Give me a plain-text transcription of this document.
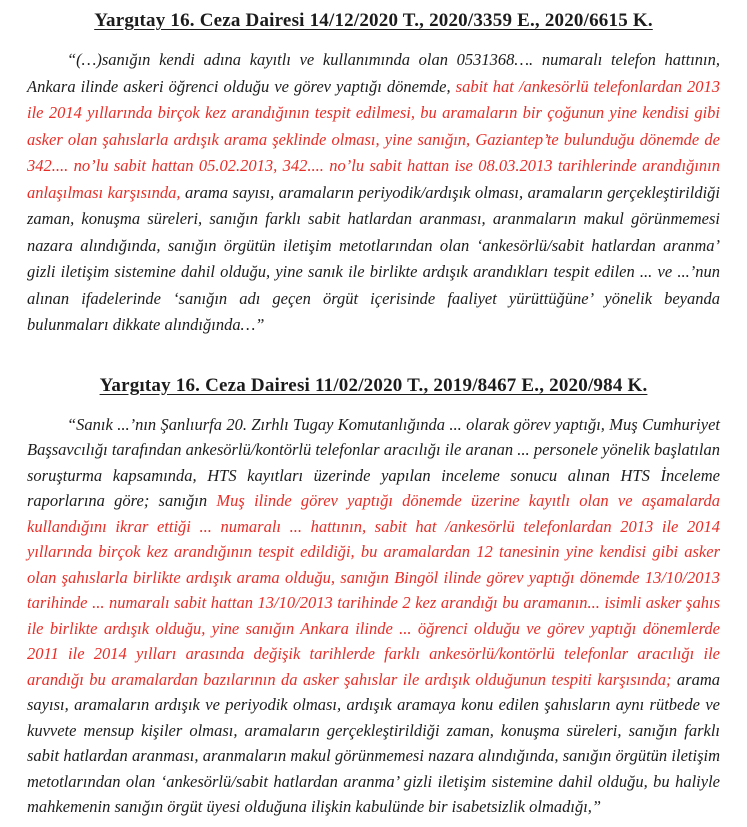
Yargıtay 16. Ceza Dairesi 14/12/2020 T., 2020/3359 E., 2020/6615 K.

“(…)sanığın kendi adına kayıtlı ve kullanımında olan 0531368…. numaralı telefon hattının, Ankara ilinde askeri öğrenci olduğu ve görev yaptığı dönemde, sabit hat /ankesörlü telefonlardan 2013 ile 2014 yıllarında birçok kez arandığının tespit edilmesi, bu aramaların bir çoğunun yine kendisi gibi asker olan şahıslarla ardışık arama şeklinde olması, yine sanığın, Gaziantep’te bulunduğu dönemde de 342.... no’lu sabit hattan 05.02.2013, 342.... no’lu sabit hattan ise 08.03.2013 tarihlerinde arandığının anlaşılması karşısında, arama sayısı, aramaların periyodik/ardışık olması, aramaların gerçekleştirildiği zaman, konuşma süreleri, sanığın farklı sabit hatlardan aranması, aranmaların makul görünmemesi nazara alındığında, sanığın örgütün iletişim metotlarından olan ‘ankesörlü/sabit hatlardan aranma’ gizli iletişim sistemine dahil olduğu, yine sanık ile birlikte ardışık arandıkları tespit edilen ... ve ...’nun alınan ifadelerinde ‘sanığın adı geçen örgüt içerisinde faaliyet yürüttüğüne’ yönelik beyanda bulunmaları dikkate alındığında…”

Yargıtay 16. Ceza Dairesi 11/02/2020 T., 2019/8467 E., 2020/984 K.

“Sanık ...’nın Şanlıurfa 20. Zırhlı Tugay Komutanlığında ... olarak görev yaptığı, Muş Cumhuriyet Başsavcılığı tarafından ankesörlü/kontörlü telefonlar aracılığı ile aranan ... personele yönelik başlatılan soruşturma kapsamında, HTS kayıtları üzerinde yapılan inceleme sonucu alınan HTS İnceleme raporlarına göre; sanığın Muş ilinde görev yaptığı dönemde üzerine kayıtlı olan ve aşamalarda kullandığını ikrar ettiği ... numaralı ... hattının, sabit hat /ankesörlü telefonlardan 2013 ile 2014 yıllarında birçok kez arandığının tespit edildiği, bu aramalardan 12 tanesinin yine kendisi gibi asker olan şahıslarla birlikte ardışık arama olduğu, sanığın Bingöl ilinde görev yaptığı dönemde 13/10/2013 tarihinde ... numaralı sabit hattan 13/10/2013 tarihinde 2 kez arandığı bu aramanın... isimli asker şahıs ile birlikte ardışık olduğu, yine sanığın Ankara ilinde ... öğrenci olduğu ve görev yaptığı dönemlerde 2011 ile 2014 yılları arasında değişik tarihlerde farklı ankesörlü/kontörlü telefonlar aracılığı ile arandığı bu aramalardan bazılarının da asker şahıslar ile ardışık olduğunun tespiti karşısında; arama sayısı, aramaların ardışık ve periyodik olması, ardışık aramaya konu edilen şahısların aynı rütbede ve kuvvete mensup kişiler olması, aramaların gerçekleştirildiği zaman, konuşma süreleri, sanığın farklı sabit hatlardan aranması, aranmaların makul görünmemesi nazara alındığında, sanığın örgütün iletişim metotlarından olan ‘ankesörlü/sabit hatlardan aranma’ gizli iletişim sistemine dahil olduğu, bu haliyle mahkemenin sanığın örgüt üyesi olduğuna ilişkin kabulünde bir isabetsizlik olmadığı,”
